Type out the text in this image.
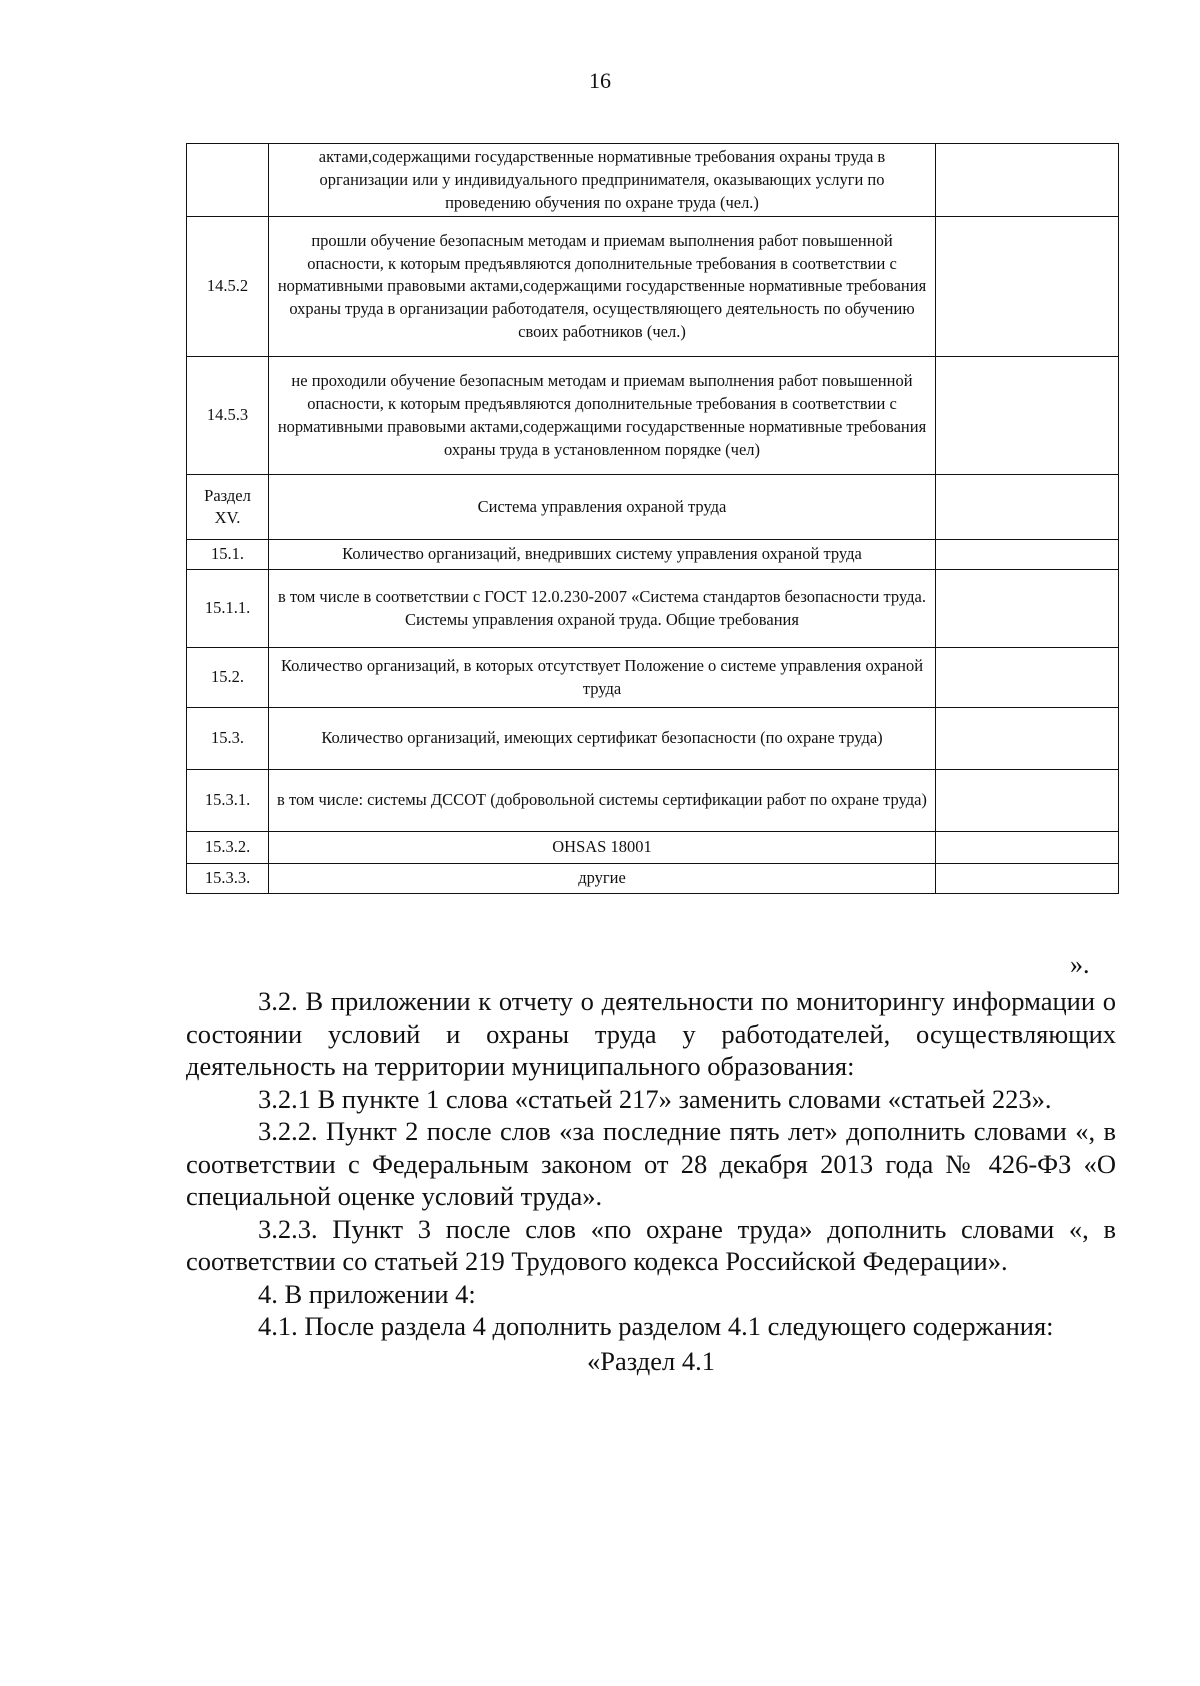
16
	актами,содержащими государственные нормативные требования охраны труда в организации или у индивидуального предпринимателя, оказывающих услуги по проведению обучения по охране труда (чел.)	
14.5.2	прошли обучение безопасным методам и приемам выполнения работ повышенной опасности, к которым предъявляются дополнительные требования в соответствии с нормативными правовыми актами,содержащими государственные нормативные требования охраны труда в организации работодателя, осуществляющего деятельность по обучению своих работников (чел.)	
14.5.3	не проходили обучение безопасным методам и приемам выполнения работ повышенной опасности, к которым предъявляются дополнительные требования в соответствии с нормативными правовыми актами,содержащими государственные нормативные требования охраны труда в установленном порядке (чел)	
Раздел XV.	Система управления охраной труда	
15.1.	Количество организаций, внедривших систему управления охраной труда	
15.1.1.	в том числе в соответствии с ГОСТ 12.0.230-2007 «Система стандартов безопасности труда. Системы управления охраной труда. Общие требования	
15.2.	Количество организаций, в которых отсутствует Положение о системе управления охраной труда	
15.3.	Количество организаций, имеющих сертификат безопасности (по охране труда)	
15.3.1.	в том числе: системы ДССОТ (добровольной системы сертификации работ по охране труда)	
15.3.2.	OHSAS 18001	
15.3.3.	другие	
».

3.2. В приложении к отчету о деятельности по мониторингу информации о состоянии условий и охраны труда у работодателей, осуществляющих деятельность на территории муниципального образования:

3.2.1 В пункте 1 слова «статьей 217» заменить словами «статьей 223».

3.2.2. Пункт 2 после слов «за последние пять лет» дополнить словами «, в соответствии с Федеральным законом от 28 декабря 2013 года № 426-ФЗ «О специальной оценке условий труда».

3.2.3. Пункт 3 после слов «по охране труда» дополнить словами «, в соответствии со статьей 219 Трудового кодекса Российской Федерации».

4. В приложении 4:

4.1. После раздела 4 дополнить разделом 4.1 следующего содержания:

«Раздел 4.1
